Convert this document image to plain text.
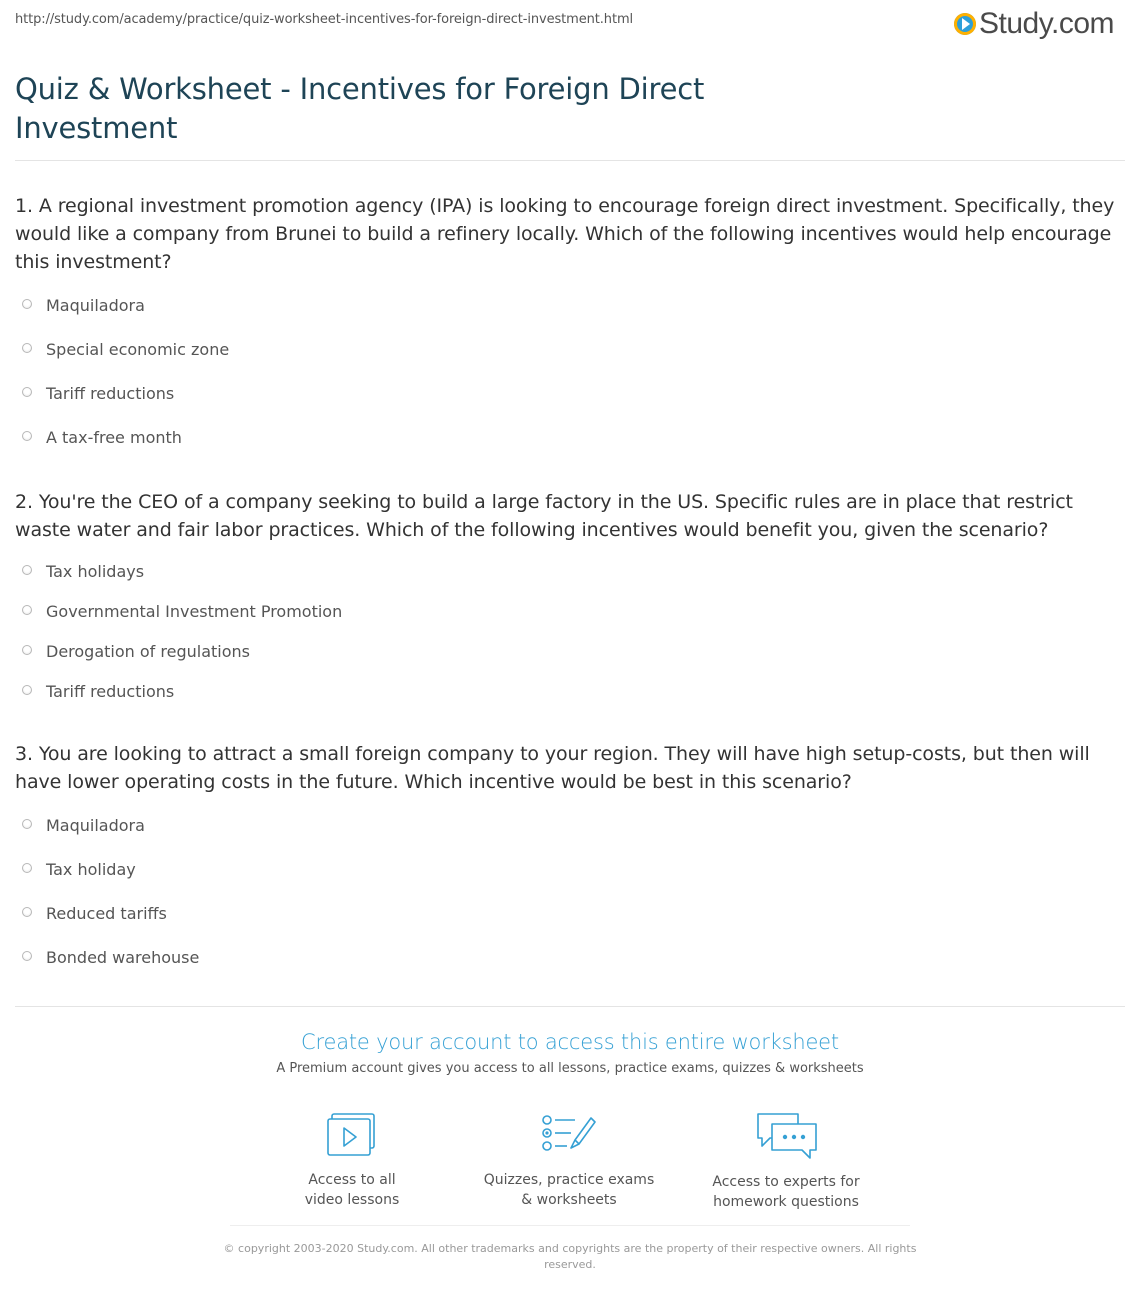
http://study.com/academy/practice/quiz-worksheet-incentives-for-foreign-direct-investment.html	Study.com
Quiz & Worksheet - Incentives for Foreign Direct Investment

1. A regional investment promotion agency (IPA) is looking to encourage foreign direct investment. Specifically, they would like a company from Brunei to build a refinery locally. Which of the following incentives would help encourage this investment?

Maquiladora
Special economic zone
Tariff reductions
A tax-free month

2. You're the CEO of a company seeking to build a large factory in the US. Specific rules are in place that restrict waste water and fair labor practices. Which of the following incentives would benefit you, given the scenario?

Tax holidays
Governmental Investment Promotion
Derogation of regulations
Tariff reductions

3. You are looking to attract a small foreign company to your region. They will have high setup-costs, but then will have lower operating costs in the future. Which incentive would be best in this scenario?

Maquiladora
Tax holiday
Reduced tariffs
Bonded warehouse
Create your account to access this entire worksheet
A Premium account gives you access to all lessons, practice exams, quizzes & worksheets
Access to all
video lessons
Quizzes, practice exams
& worksheets
Access to experts for
homework questions
© copyright 2003-2020 Study.com. All other trademarks and copyrights are the property of their respective owners. All rights reserved.
